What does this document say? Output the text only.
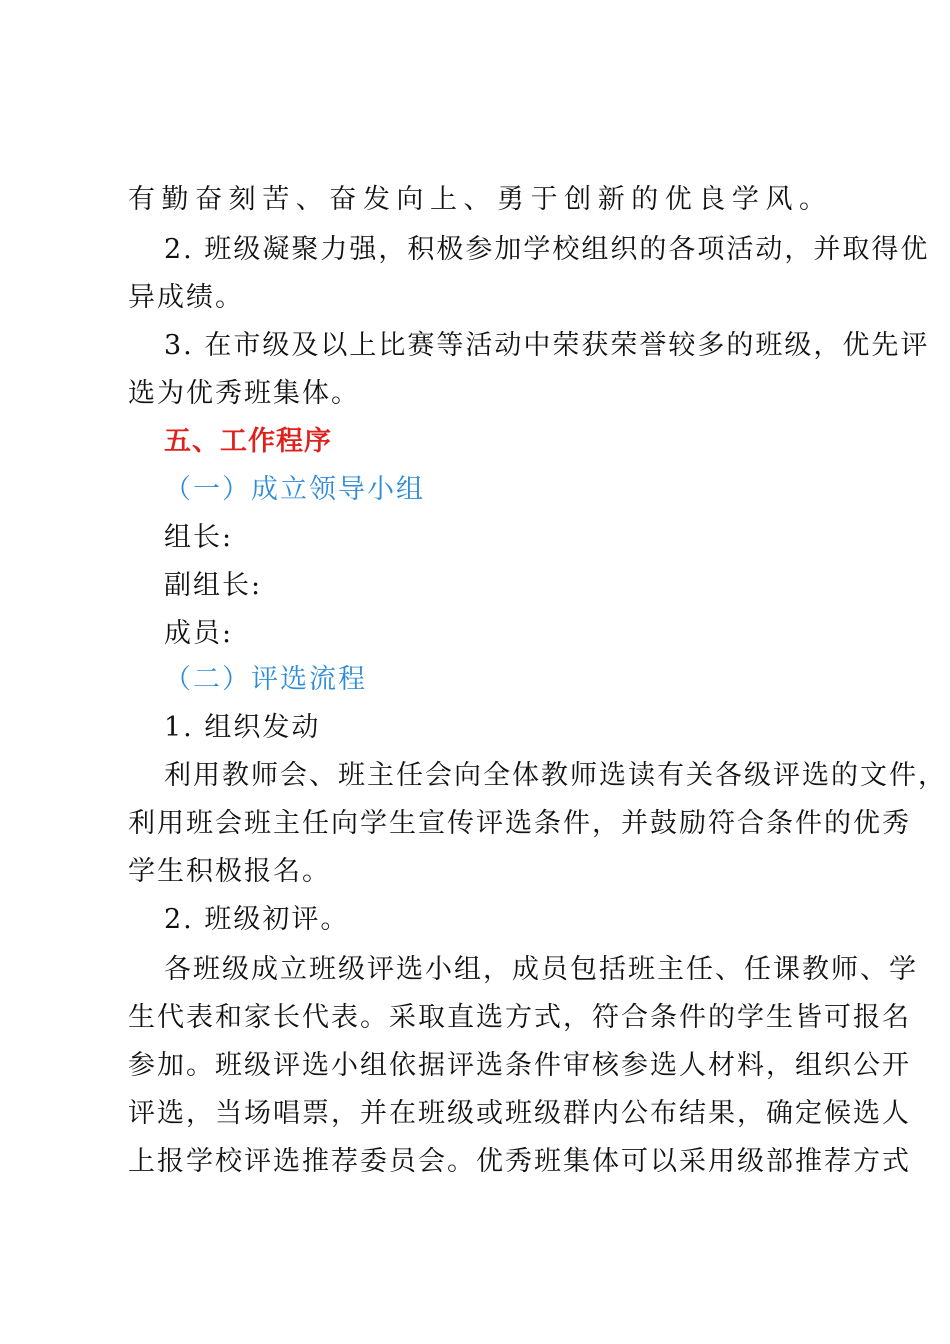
有勤奋刻苦、奋发向上、勇于创新的优良学风。
2. 班级凝聚力强，积极参加学校组织的各项活动，并取得优
异成绩。
3. 在市级及以上比赛等活动中荣获荣誉较多的班级，优先评
选为优秀班集体。
五、工作程序
（一）成立领导小组
组长:
副组长:
成员:
（二）评选流程
1. 组织发动
利用教师会、班主任会向全体教师选读有关各级评选的文件，
利用班会班主任向学生宣传评选条件，并鼓励符合条件的优秀
学生积极报名。
2. 班级初评。
各班级成立班级评选小组，成员包括班主任、任课教师、学
生代表和家长代表。采取直选方式，符合条件的学生皆可报名
参加。班级评选小组依据评选条件审核参选人材料，组织公开
评选，当场唱票，并在班级或班级群内公布结果，确定候选人
上报学校评选推荐委员会。优秀班集体可以采用级部推荐方式
